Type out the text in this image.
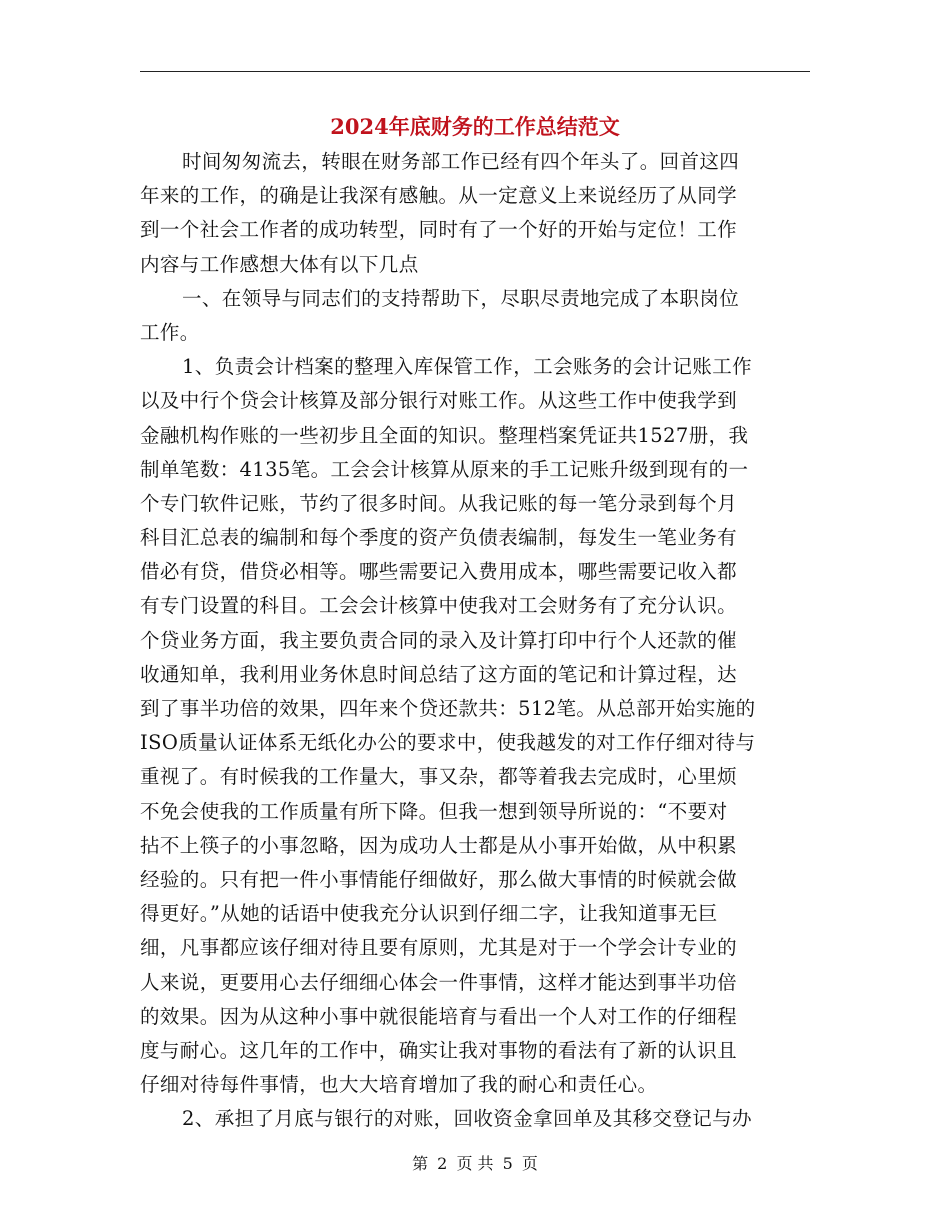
2024年底财务的工作总结范文
时间匆匆流去，转眼在财务部工作已经有四个年头了。回首这四
年来的工作，的确是让我深有感触。从一定意义上来说经历了从同学
到一个社会工作者的成功转型，同时有了一个好的开始与定位！工作
内容与工作感想大体有以下几点
一、在领导与同志们的支持帮助下，尽职尽责地完成了本职岗位
工作。
1、负责会计档案的整理入库保管工作，工会账务的会计记账工作
以及中行个贷会计核算及部分银行对账工作。从这些工作中使我学到
金融机构作账的一些初步且全面的知识。整理档案凭证共1527册，我
制单笔数：4135笔。工会会计核算从原来的手工记账升级到现有的一
个专门软件记账，节约了很多时间。从我记账的每一笔分录到每个月
科目汇总表的编制和每个季度的资产负债表编制，每发生一笔业务有
借必有贷，借贷必相等。哪些需要记入费用成本，哪些需要记收入都
有专门设置的科目。工会会计核算中使我对工会财务有了充分认识。
个贷业务方面，我主要负责合同的录入及计算打印中行个人还款的催
收通知单，我利用业务休息时间总结了这方面的笔记和计算过程，达
到了事半功倍的效果，四年来个贷还款共：512笔。从总部开始实施的
ISO质量认证体系无纸化办公的要求中，使我越发的对工作仔细对待与
重视了。有时候我的工作量大，事又杂，都等着我去完成时，心里烦
不免会使我的工作质量有所下降。但我一想到领导所说的：“不要对
拈不上筷子的小事忽略，因为成功人士都是从小事开始做，从中积累
经验的。只有把一件小事情能仔细做好，那么做大事情的时候就会做
得更好。”从她的话语中使我充分认识到仔细二字，让我知道事无巨
细，凡事都应该仔细对待且要有原则，尤其是对于一个学会计专业的
人来说，更要用心去仔细细心体会一件事情，这样才能达到事半功倍
的效果。因为从这种小事中就很能培育与看出一个人对工作的仔细程
度与耐心。这几年的工作中，确实让我对事物的看法有了新的认识且
仔细对待每件事情，也大大培育增加了我的耐心和责任心。
2、承担了月底与银行的对账，回收资金拿回单及其移交登记与办
第 2 页 共 5 页
